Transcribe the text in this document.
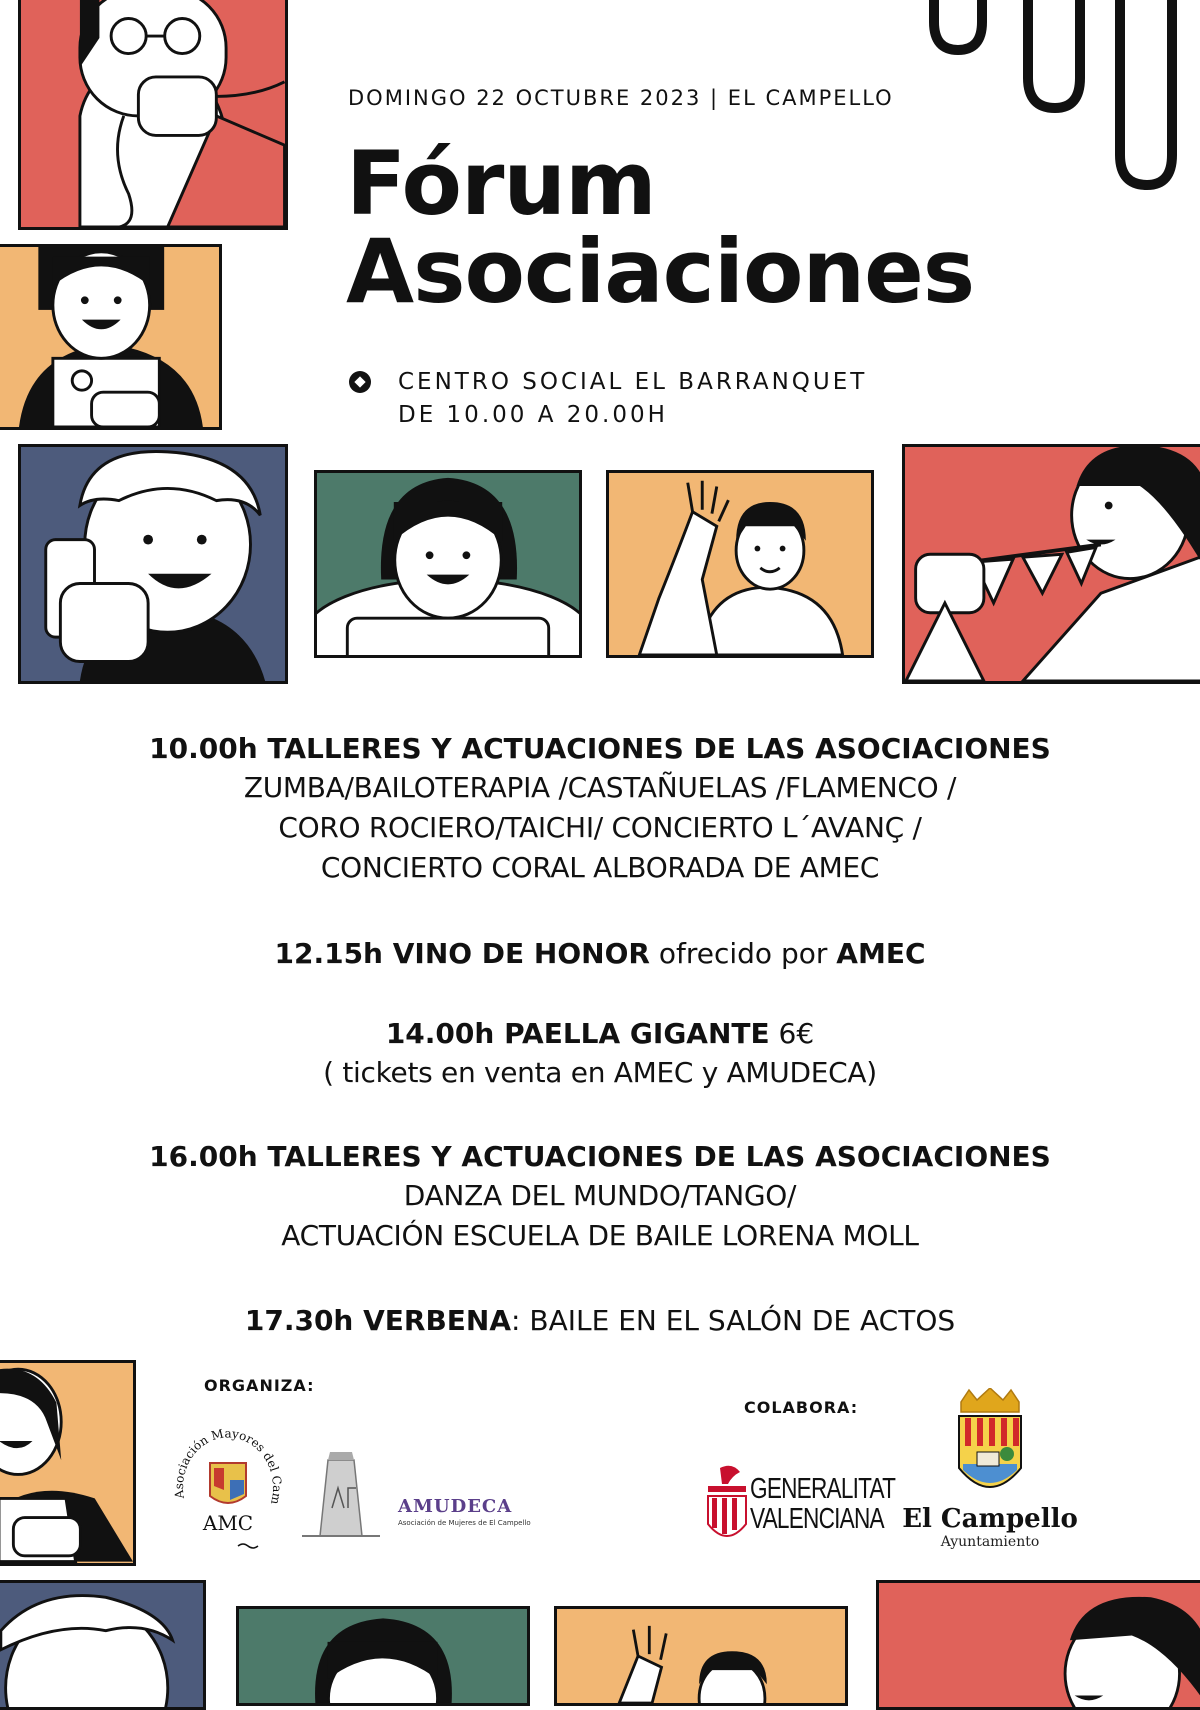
DOMINGO 22 OCTUBRE 2023 | EL CAMPELLO
Fórum
Asociaciones
CENTRO SOCIAL EL BARRANQUET
DE 10.00 A 20.00H
10.00h TALLERES Y ACTUACIONES DE LAS ASOCIACIONES
ZUMBA/BAILOTERAPIA /CASTAÑUELAS /FLAMENCO /
CORO ROCIERO/TAICHI/ CONCIERTO L´AVANÇ /
CONCIERTO CORAL ALBORADA DE AMEC
12.15h VINO DE HONOR ofrecido por AMEC
14.00h PAELLA GIGANTE 6€
( tickets en venta en AMEC y AMUDECA)
16.00h TALLERES Y ACTUACIONES DE LAS ASOCIACIONES
DANZA DEL MUNDO/TANGO/
ACTUACIÓN ESCUELA DE BAILE LORENA MOLL
17.30h VERBENA: BAILE EN EL SALÓN DE ACTOS
ORGANIZA:
COLABORA:
Asociación Mayores del Cam
AMC
AMUDECA
Asociación de Mujeres de El Campello
GENERALITAT
VALENCIANA El Campello
Ayuntamiento
